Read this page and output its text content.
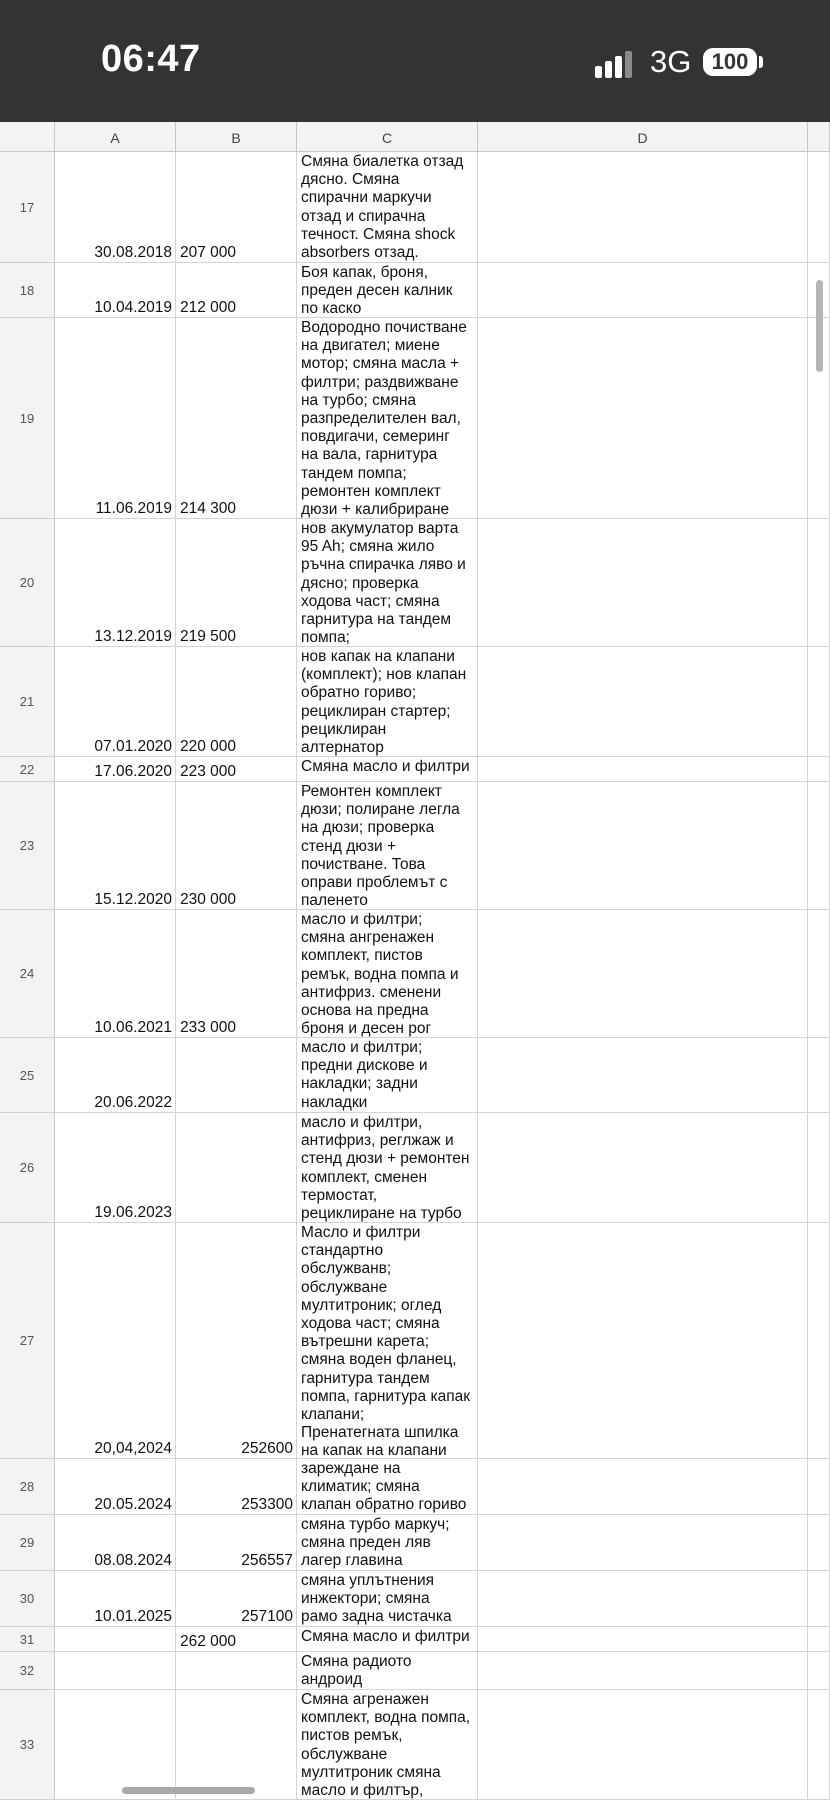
06:47	3G 100
A	B	C	D
17
30.08.2018 207 000
Смяна биалетка отзад
дясно. Смяна
спирачни маркучи
отзад и спирачна
течност. Смяна shock
absorbers отзад.
18
10.04.2019 212 000
Боя капак, броня,
преден десен калник
по каско
19
11.06.2019 214 300
Водородно почистване
на двигател; миене
мотор; смяна масла +
филтри; раздвижване
на турбо; смяна
разпределителен вал,
повдигачи, семеринг
на вала, гарнитура
тандем помпа;
ремонтен комплект
дюзи + калибриране
20
13.12.2019 219 500
нов акумулатор варта
95 Ah; смяна жило
ръчна спирачка ляво и
дясно; проверка
ходова част; смяна
гарнитура на тандем
помпа;
21
07.01.2020 220 000
нов капак на клапани
(комплект); нов клапан
обратно гориво;
рециклиран стартер;
рециклиран
алтернатор
22	17.06.2020 223 000	Смяна масло и филтри
23
15.12.2020 230 000
Ремонтен комплект
дюзи; полиране легла
на дюзи; проверка
стенд дюзи +
почистване. Това
оправи проблемът с
паленето
24
10.06.2021 233 000
масло и филтри;
смяна ангренажен
комплект, пистов
ремък, водна помпа и
антифриз. сменени
основа на предна
броня и десен рог
25
20.06.2022
масло и филтри;
предни дискове и
накладки; задни
накладки
26
19.06.2023
масло и филтри,
антифриз, реглжаж и
стенд дюзи + ремонтен
комплект, сменен
термостат,
рециклиране на турбо
27
20,04,2024	252600
Масло и филтри
стандартно
обслужванв;
обслужване
мултитроник; оглед
ходова част; смяна
вътрешни карета;
смяна воден фланец,
гарнитура тандем
помпа, гарнитура капак
клапани;
Пренатегната шпилка
на капак на клапани
28
20.05.2024	253300
зареждане на
климатик; смяна
клапан обратно гориво
29
08.08.2024	256557
смяна турбо маркуч;
смяна преден ляв
лагер главина
30
10.01.2025	257100
смяна уплътнения
инжектори; смяна
рамо задна чистачка
31	262 000	Смяна масло и филтри
32
Смяна радиото
андроид
33
Смяна агренажен
комплект, водна помпа,
пистов ремък,
обслужване
мултитроник смяна
масло и филтър,
